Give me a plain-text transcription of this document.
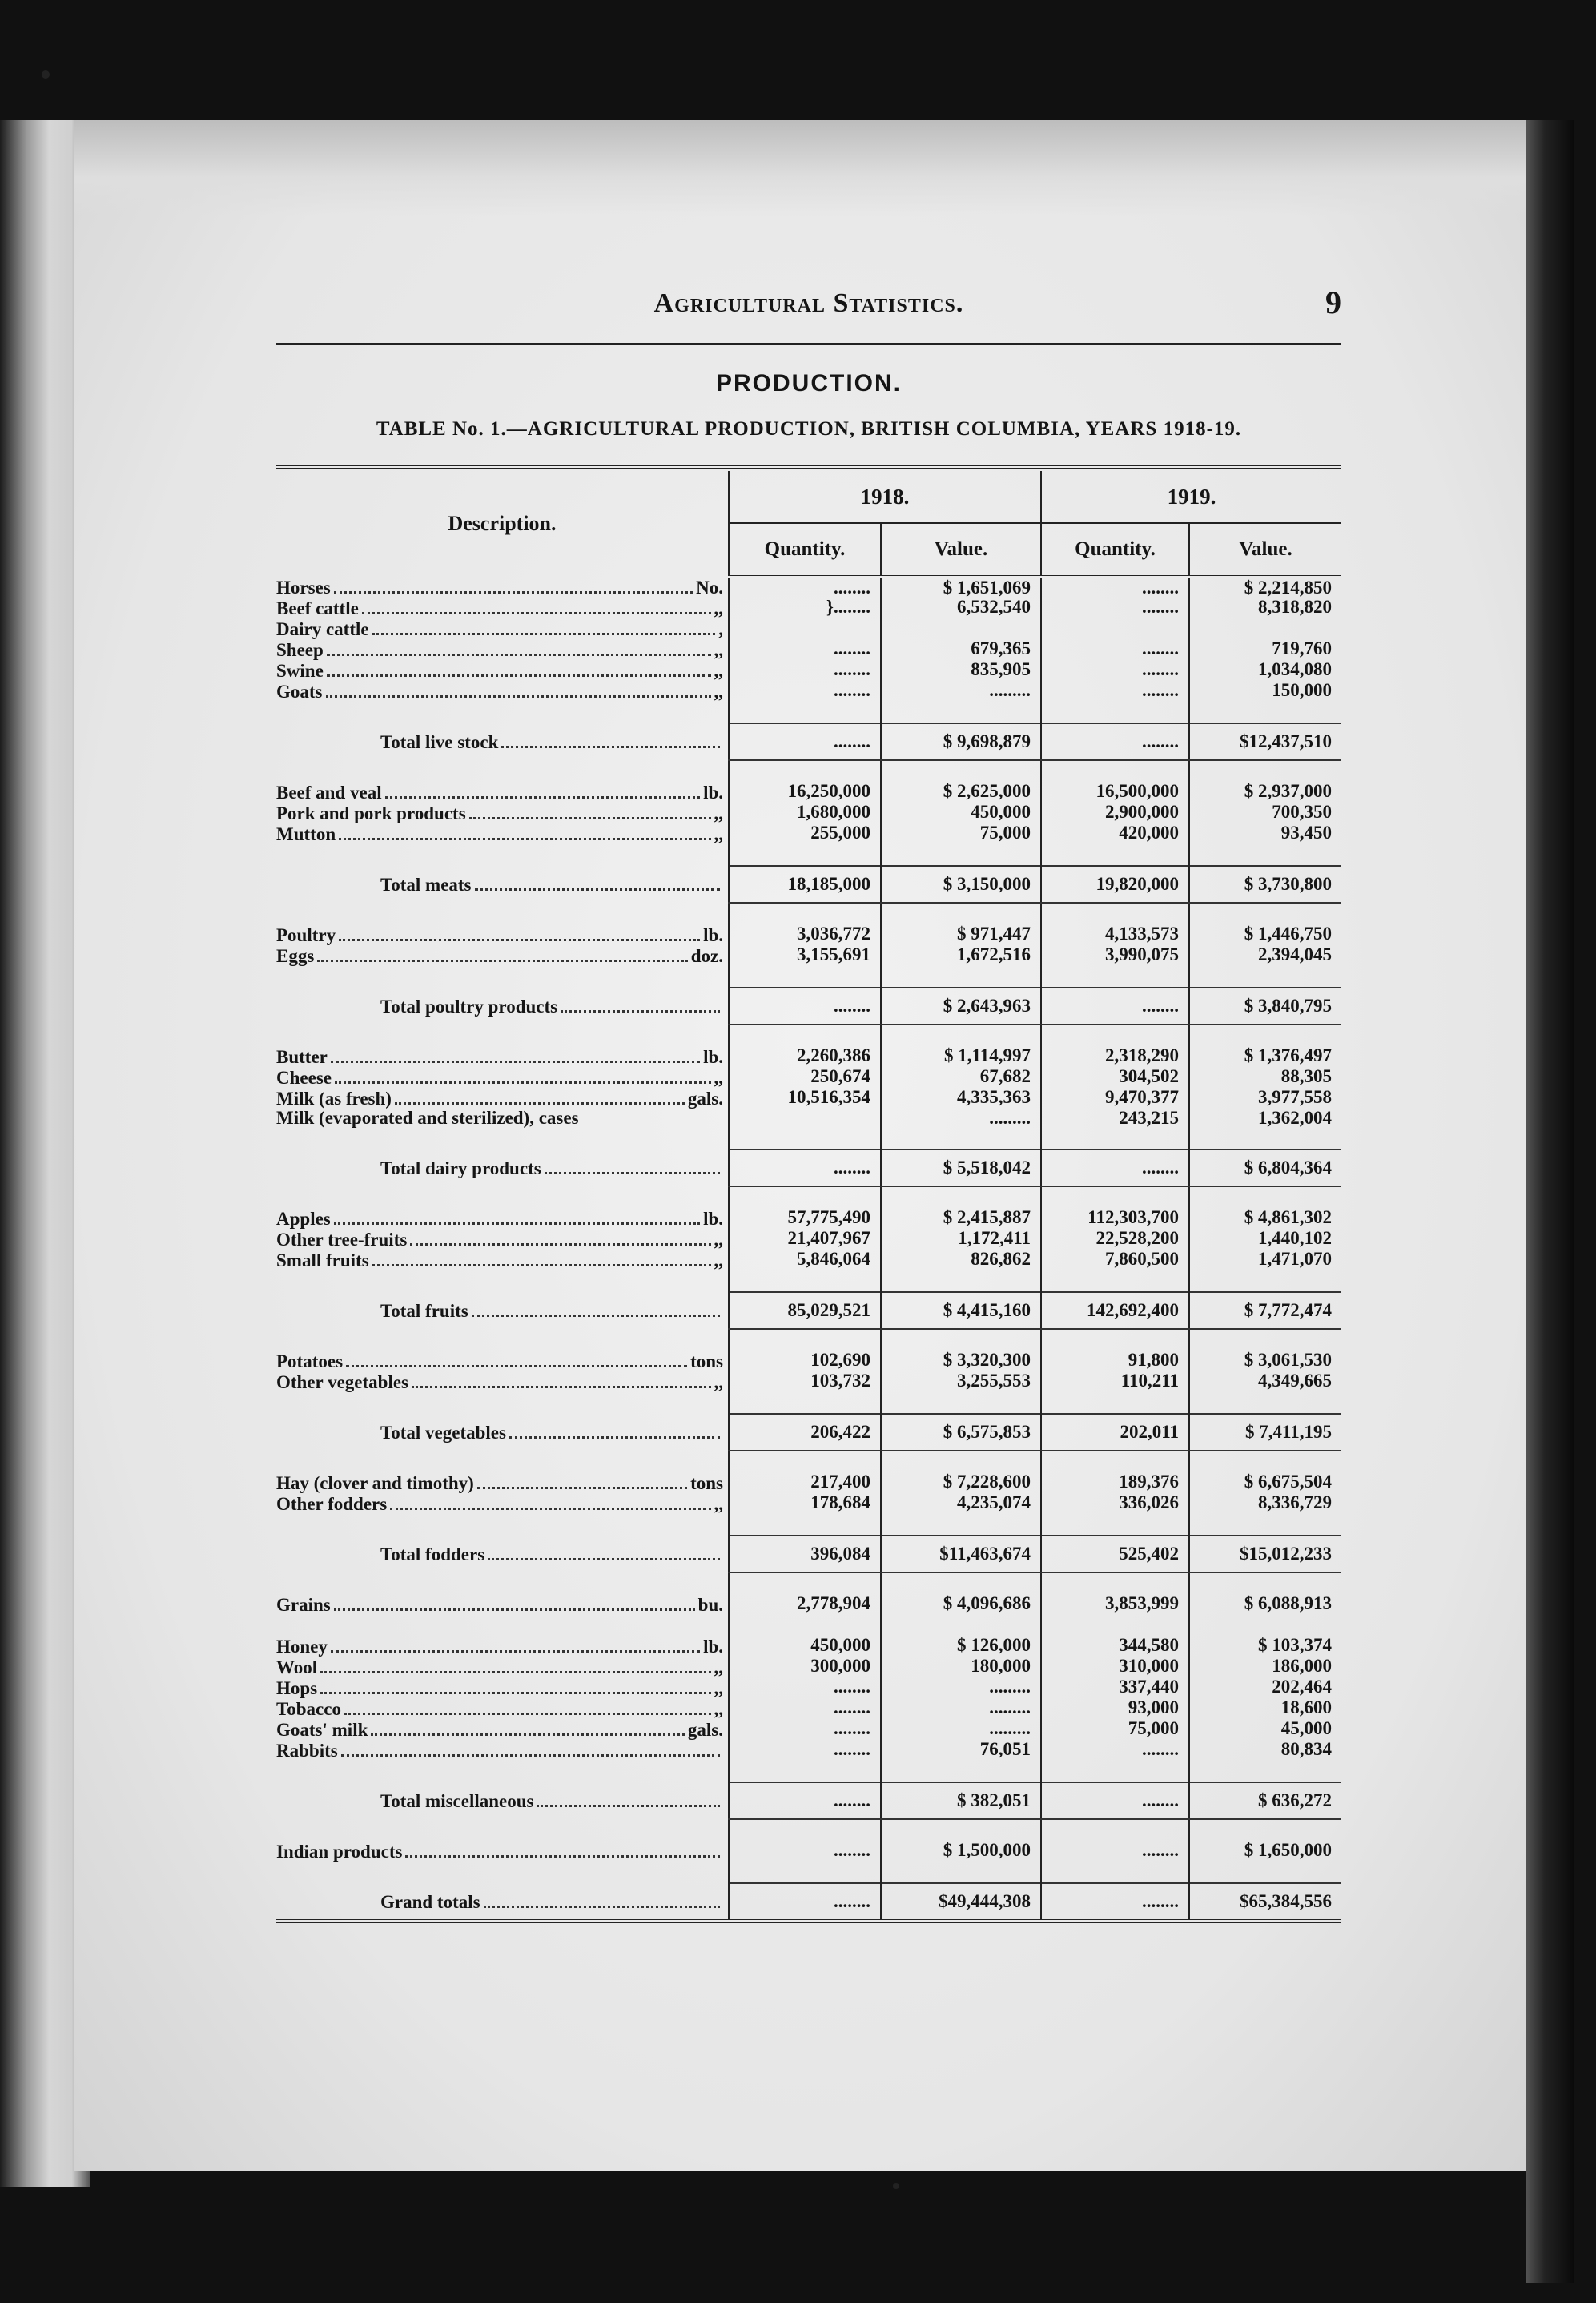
Agricultural Statistics.	9
PRODUCTION.
TABLE No. 1.—AGRICULTURAL PRODUCTION, BRITISH COLUMBIA, YEARS 1918-19.

Description.	1918.		1919.	
	Quantity.	Value.	Quantity.	Value.

Horses No.	........	$ 1,651,069	........	$ 2,214,850

Beef cattle ,,	}........	6,532,540	........	8,318,820

Dairy cattle ,				

Sheep ,,	........	679,365	........	719,760

Swine ,,	........	835,905	........	1,034,080

Goats ,,	........	.........	........	150,000

Total live stock	........	$ 9,698,879	........	$12,437,510

Beef and veal lb.	16,250,000	$ 2,625,000	16,500,000	$ 2,937,000

Pork and pork products ,,	1,680,000	450,000	2,900,000	700,350

Mutton ,,	255,000	75,000	420,000	93,450

Total meats	18,185,000	$ 3,150,000	19,820,000	$ 3,730,800

Poultry lb.	3,036,772	$ 971,447	4,133,573	$ 1,446,750

Eggs doz.	3,155,691	1,672,516	3,990,075	2,394,045

Total poultry products	........	$ 2,643,963	........	$ 3,840,795

Butter lb.	2,260,386	$ 1,114,997	2,318,290	$ 1,376,497

Cheese ,,	250,674	67,682	304,502	88,305

Milk (as fresh) gals.	10,516,354	4,335,363	9,470,377	3,977,558

Milk (evaporated and sterilized), cases		.........	243,215	1,362,004

Total dairy products	........	$ 5,518,042	........	$ 6,804,364

Apples lb.	57,775,490	$ 2,415,887	112,303,700	$ 4,861,302

Other tree-fruits ,,	21,407,967	1,172,411	22,528,200	1,440,102

Small fruits ,,	5,846,064	826,862	7,860,500	1,471,070

Total fruits	85,029,521	$ 4,415,160	142,692,400	$ 7,772,474

Potatoes tons	102,690	$ 3,320,300	91,800	$ 3,061,530

Other vegetables ,,	103,732	3,255,553	110,211	4,349,665

Total vegetables	206,422	$ 6,575,853	202,011	$ 7,411,195

Hay (clover and timothy) tons	217,400	$ 7,228,600	189,376	$ 6,675,504

Other fodders ,,	178,684	4,235,074	336,026	8,336,729

Total fodders	396,084	$11,463,674	525,402	$15,012,233

Grains bu.	2,778,904	$ 4,096,686	3,853,999	$ 6,088,913

Honey lb.	450,000	$ 126,000	344,580	$ 103,374

Wool ,,	300,000	180,000	310,000	186,000

Hops ,,	........	.........	337,440	202,464

Tobacco ,,	........	.........	93,000	18,600

Goats' milk gals.	........	.........	75,000	45,000

Rabbits	........	76,051	........	80,834

Total miscellaneous	........	$ 382,051	........	$ 636,272

Indian products	........	$ 1,500,000	........	$ 1,650,000

Grand totals	........	$49,444,308	........	$65,384,556
